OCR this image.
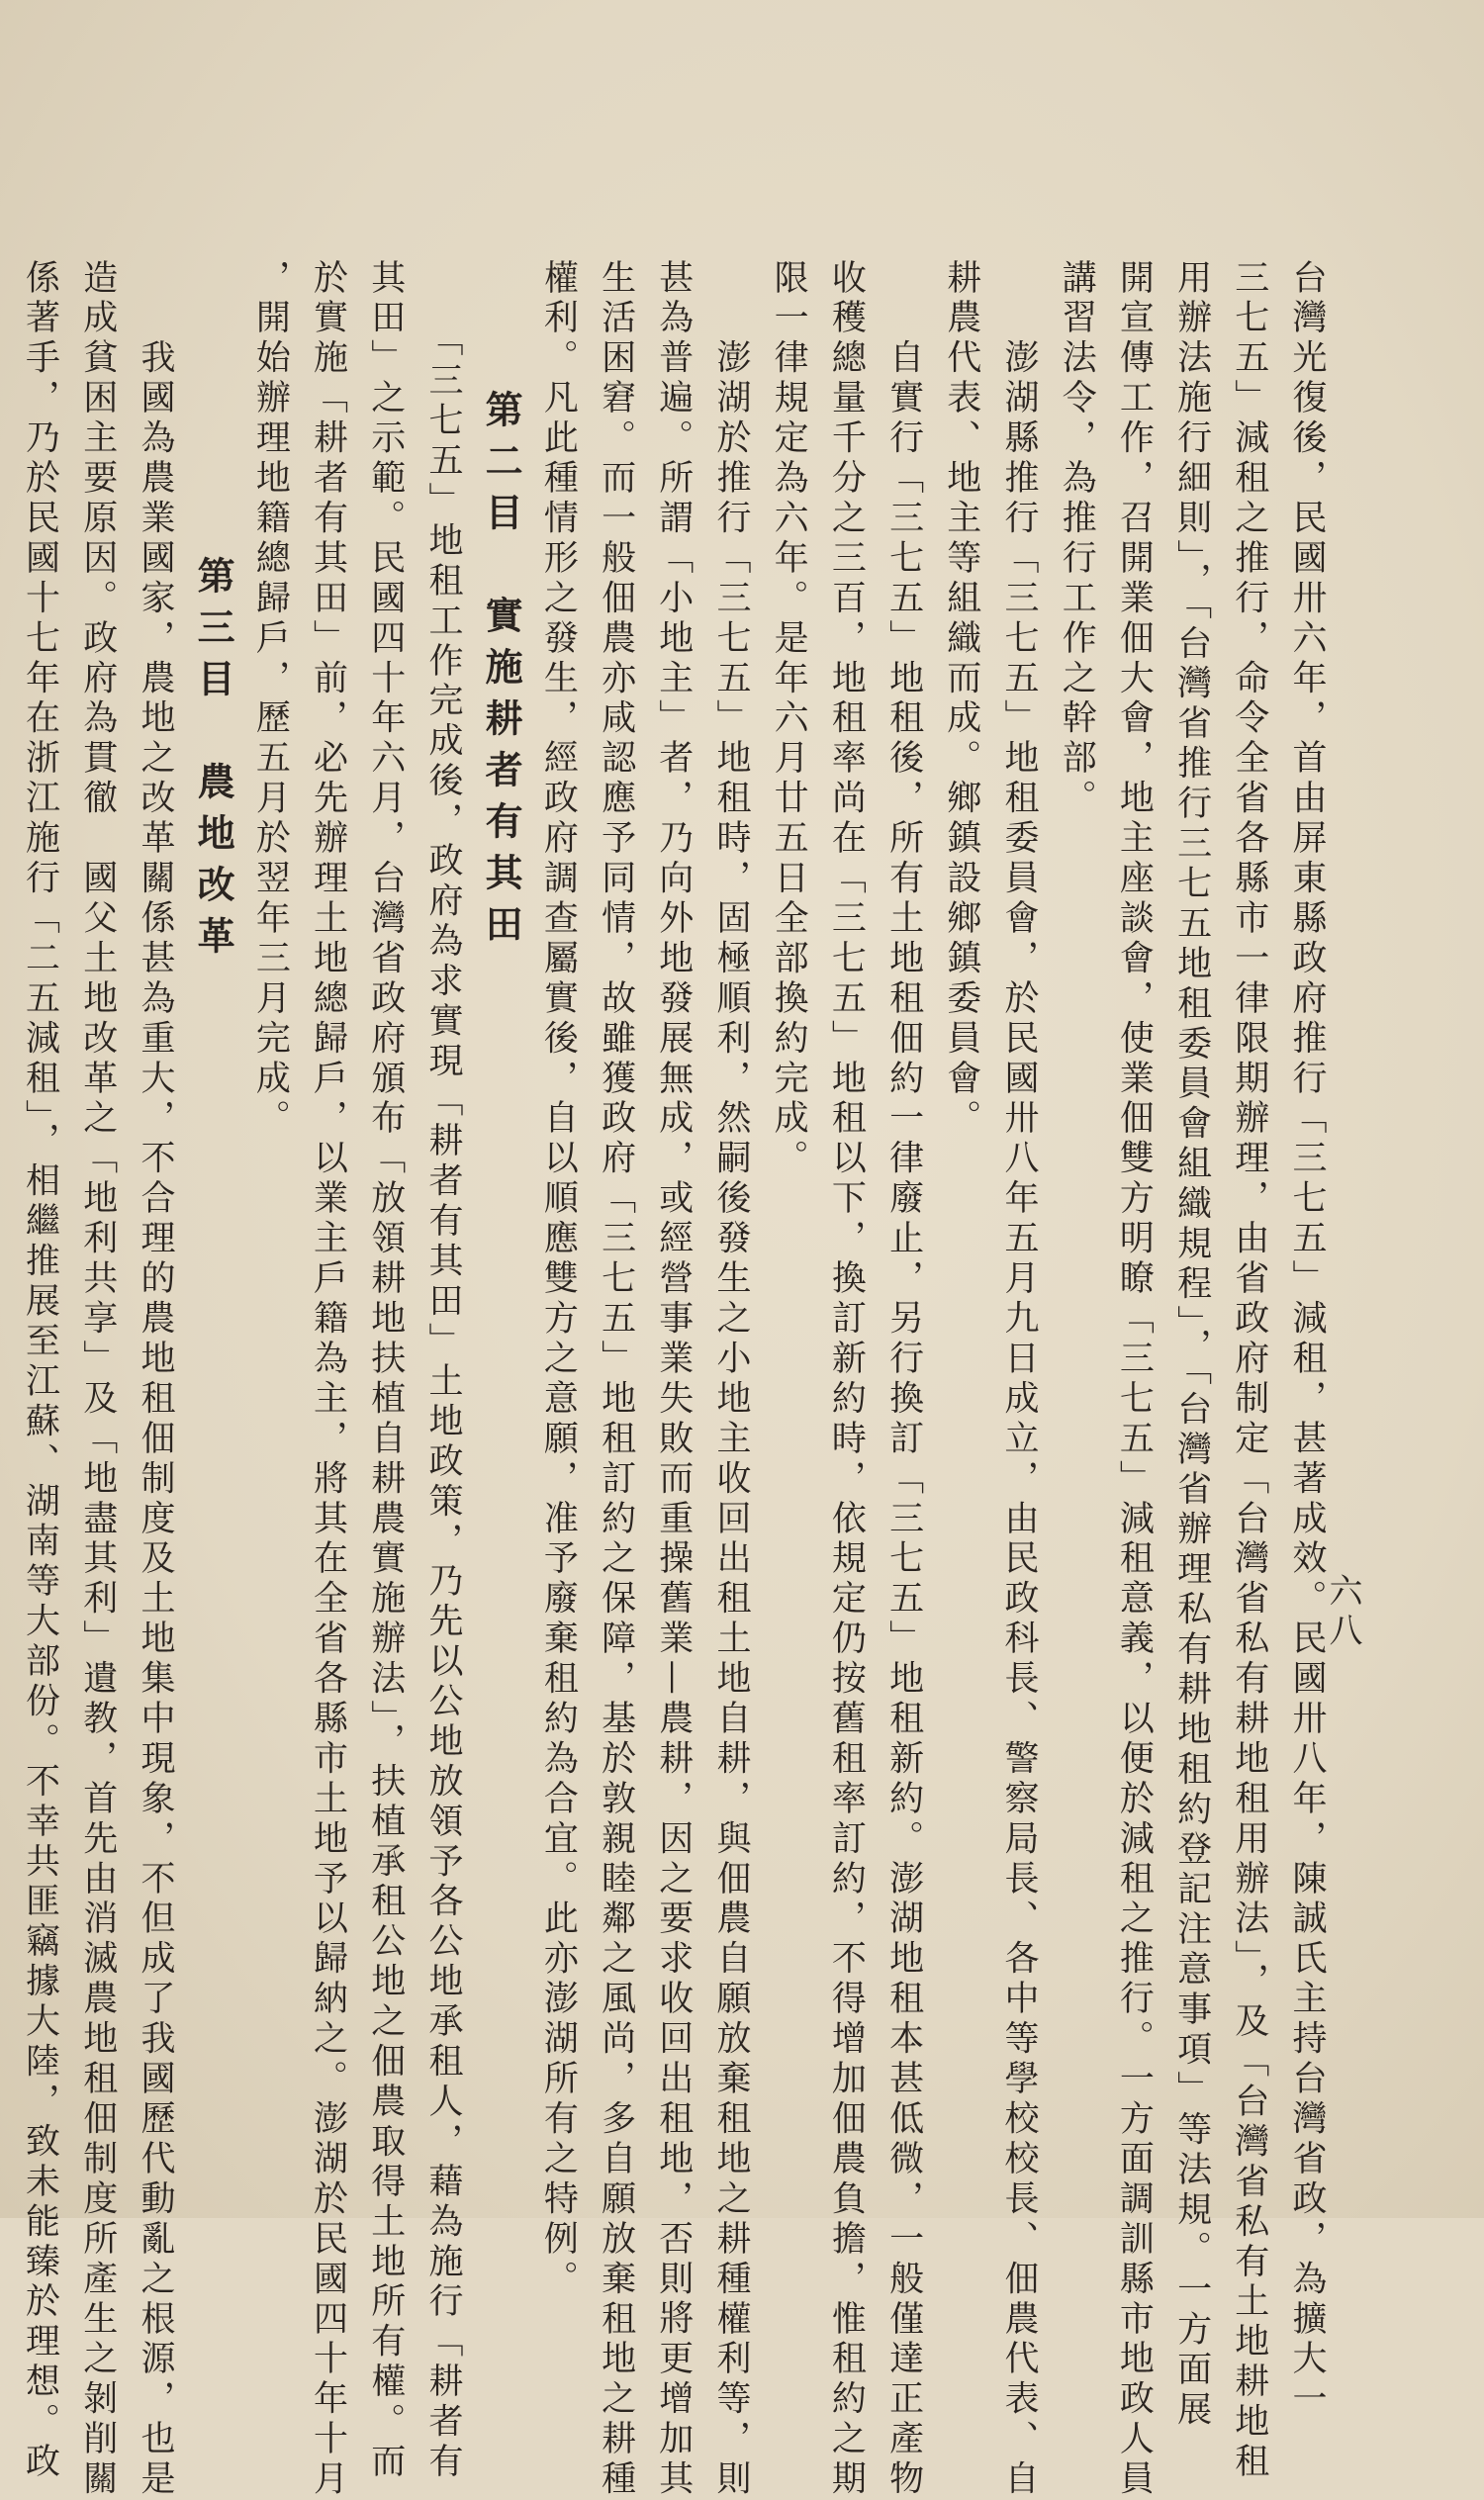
六八
台灣光復後，民國卅六年，首由屏東縣政府推行「三七五」減租，甚著成效。民國卅八年，陳誠氏主持台灣省政，為擴大一
三七五」減租之推行，命令全省各縣市一律限期辦理，由省政府制定「台灣省私有耕地租用辦法」，及「台灣省私有土地耕地租
用辦法施行細則」，「台灣省推行三七五地租委員會組織規程」，「台灣省辦理私有耕地租約登記注意事項」等法規。一方面展
開宣傳工作，召開業佃大會，地主座談會，使業佃雙方明瞭「三七五」減租意義，以便於減租之推行。一方面調訓縣市地政人員
講習法令，為推行工作之幹部。
　　澎湖縣推行「三七五」地租委員會，於民國卅八年五月九日成立，由民政科長、警察局長、各中等學校校長、佃農代表、自
耕農代表、地主等組織而成。鄉鎮設鄉鎮委員會。
　　自實行「三七五」地租後，所有土地租佃約一律廢止，另行換訂「三七五」地租新約。澎湖地租本甚低微，一般僅達正產物
收穫總量千分之三百，地租率尚在「三七五」地租以下，換訂新約時，依規定仍按舊租率訂約，不得增加佃農負擔，惟租約之期
限一律規定為六年。是年六月廿五日全部換約完成。
　　澎湖於推行「三七五」地租時，固極順利，然嗣後發生之小地主收回出租土地自耕，與佃農自願放棄租地之耕種權利等，則
甚為普遍。所謂「小地主」者，乃向外地發展無成，或經營事業失敗而重操舊業—農耕，因之要求收回出租地，否則將更增加其
生活困窘。而一般佃農亦咸認應予同情，故雖獲政府「三七五」地租訂約之保障，基於敦親睦鄰之風尚，多自願放棄租地之耕種
權利。凡此種情形之發生，經政府調查屬實後，自以順應雙方之意願，准予廢棄租約為合宜。此亦澎湖所有之特例。
第二目　實施耕者有其田
　　「三七五」地租工作完成後，政府為求實現「耕者有其田」土地政策，乃先以公地放領予各公地承租人，藉為施行「耕者有
其田」之示範。民國四十年六月，台灣省政府頒布「放領耕地扶植自耕農實施辦法」，扶植承租公地之佃農取得土地所有權。而
於實施「耕者有其田」前，必先辦理土地總歸戶，以業主戶籍為主，將其在全省各縣市土地予以歸納之。澎湖於民國四十年十月
，開始辦理地籍總歸戶，歷五月於翌年三月完成。
第三目　農地改革
　　我國為農業國家，農地之改革關係甚為重大，不合理的農地租佃制度及土地集中現象，不但成了我國歷代動亂之根源，也是
造成貧困主要原因。政府為貫徹　國父土地改革之「地利共享」及「地盡其利」遺教，首先由消滅農地租佃制度所產生之剝削關
係著手，乃於民國十七年在浙江施行「二五減租」，相繼推展至江蘇、湖南等大部份。不幸共匪竊據大陸，致未能臻於理想。政
